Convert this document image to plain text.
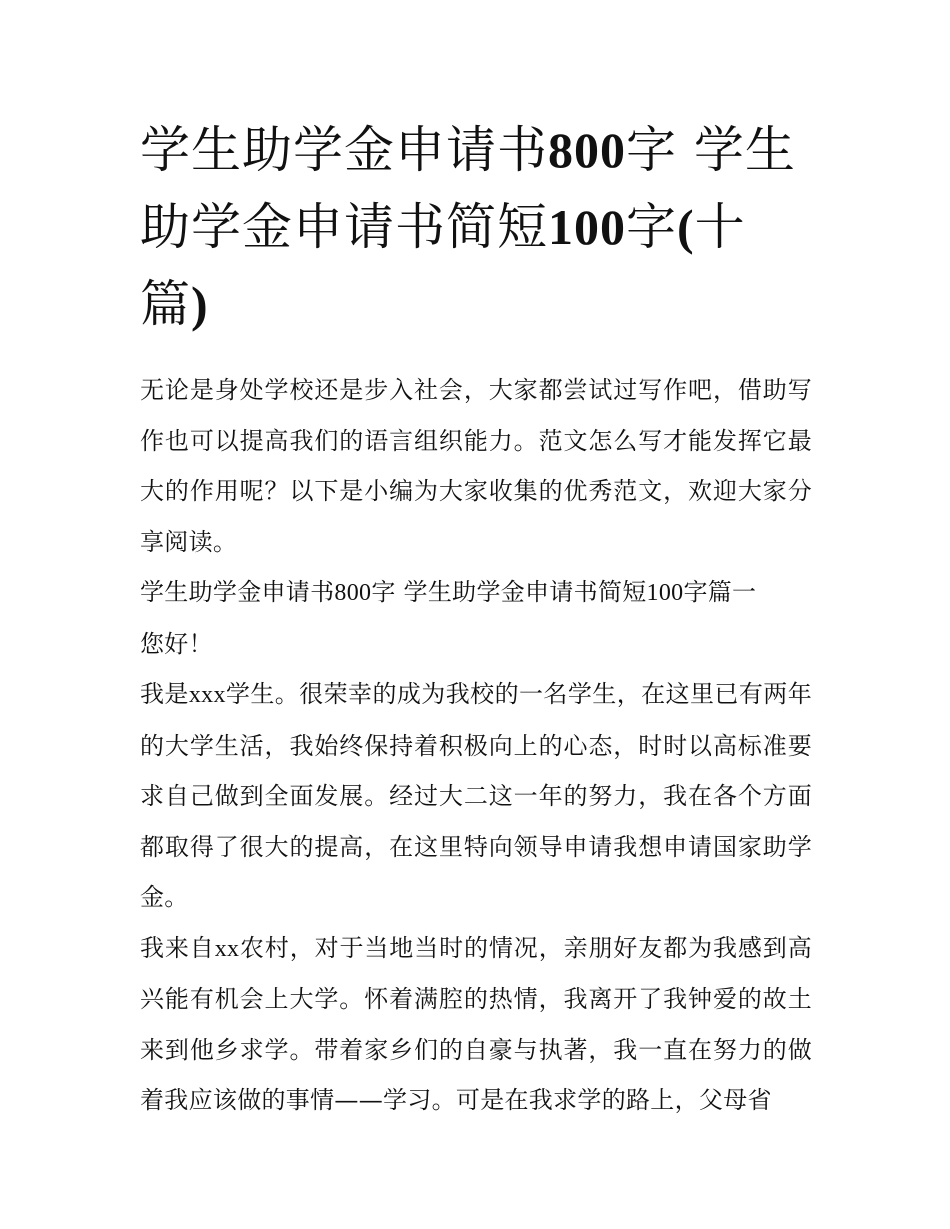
学生助学金申请书800字 学生助学金申请书简短100字(十篇)

无论是身处学校还是步入社会，大家都尝试过写作吧，借助写作也可以提高我们的语言组织能力。范文怎么写才能发挥它最大的作用呢？以下是小编为大家收集的优秀范文，欢迎大家分享阅读。

学生助学金申请书800字 学生助学金申请书简短100字篇一

您好！

我是xxx学生。很荣幸的成为我校的一名学生，在这里已有两年的大学生活，我始终保持着积极向上的心态，时时以高标准要求自己做到全面发展。经过大二这一年的努力，我在各个方面都取得了很大的提高，在这里特向领导申请我想申请国家助学金。

我来自xx农村，对于当地当时的情况，亲朋好友都为我感到高兴能有机会上大学。怀着满腔的热情，我离开了我钟爱的故土来到他乡求学。带着家乡们的自豪与执著，我一直在努力的做着我应该做的事情——学习。可是在我求学的路上，父母省
